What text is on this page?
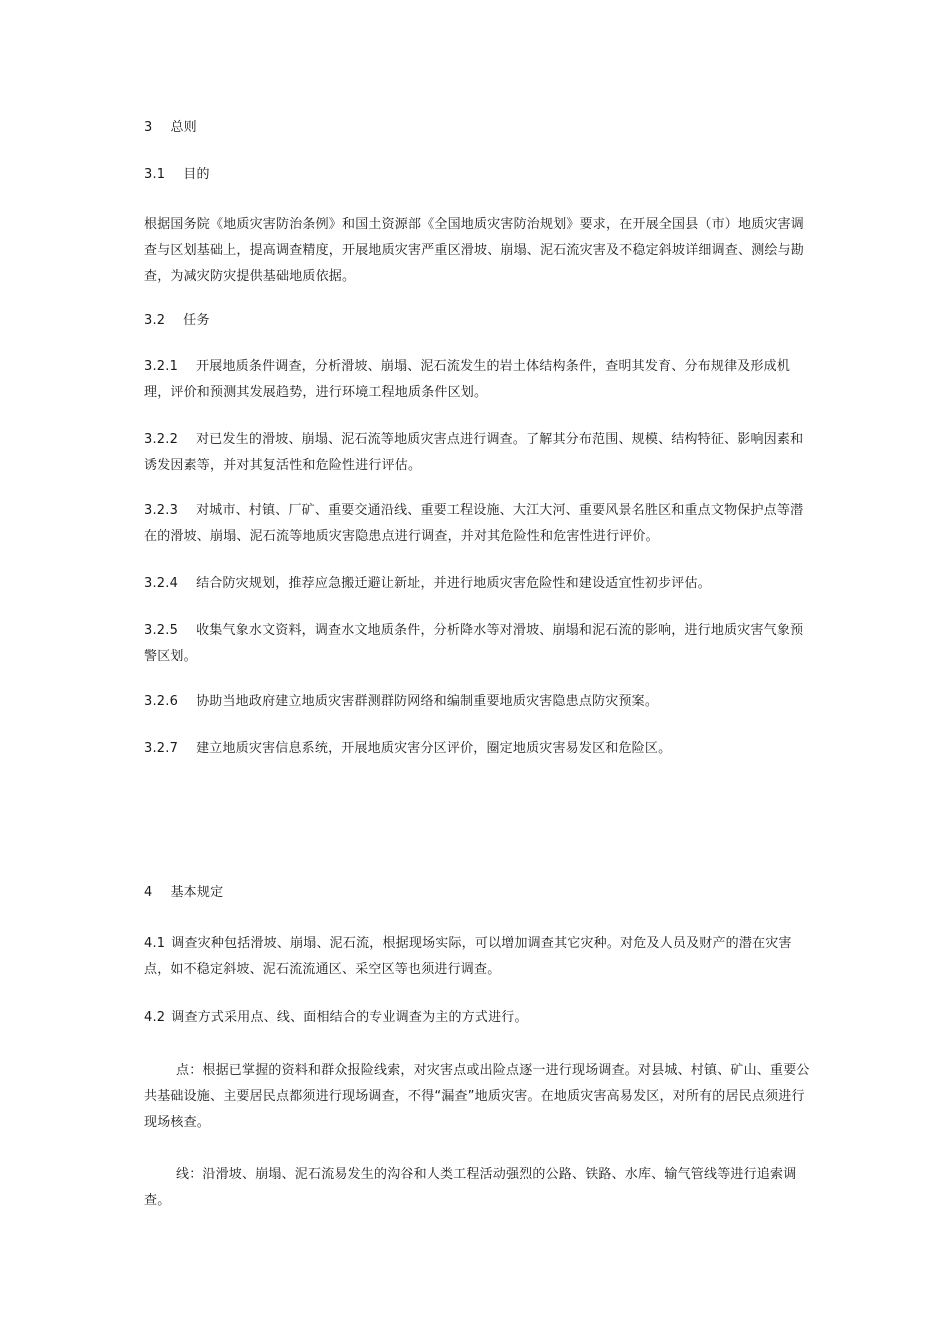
3 总则
3.1 目的
根据国务院《地质灾害防治条例》和国土资源部《全国地质灾害防治规划》要求，在开展全国县（市）地质灾害调查与区划基础上，提高调查精度，开展地质灾害严重区滑坡、崩塌、泥石流灾害及不稳定斜坡详细调查、测绘与勘查，为减灾防灾提供基础地质依据。
3.2 任务
3.2.1 开展地质条件调查，分析滑坡、崩塌、泥石流发生的岩土体结构条件，查明其发育、分布规律及形成机理，评价和预测其发展趋势，进行环境工程地质条件区划。
3.2.2 对已发生的滑坡、崩塌、泥石流等地质灾害点进行调查。了解其分布范围、规模、结构特征、影响因素和诱发因素等，并对其复活性和危险性进行评估。
3.2.3 对城市、村镇、厂矿、重要交通沿线、重要工程设施、大江大河、重要风景名胜区和重点文物保护点等潜在的滑坡、崩塌、泥石流等地质灾害隐患点进行调查，并对其危险性和危害性进行评价。
3.2.4 结合防灾规划，推荐应急搬迁避让新址，并进行地质灾害危险性和建设适宜性初步评估。
3.2.5 收集气象水文资料，调查水文地质条件，分析降水等对滑坡、崩塌和泥石流的影响，进行地质灾害气象预警区划。
3.2.6 协助当地政府建立地质灾害群测群防网络和编制重要地质灾害隐患点防灾预案。
3.2.7 建立地质灾害信息系统，开展地质灾害分区评价，圈定地质灾害易发区和危险区。
4 基本规定
4.1 调查灾种包括滑坡、崩塌、泥石流，根据现场实际，可以增加调查其它灾种。对危及人员及财产的潜在灾害点，如不稳定斜坡、泥石流流通区、采空区等也须进行调查。
4.2 调查方式采用点、线、面相结合的专业调查为主的方式进行。
点：根据已掌握的资料和群众报险线索，对灾害点或出险点逐一进行现场调查。对县城、村镇、矿山、重要公共基础设施、主要居民点都须进行现场调查，不得“漏查”地质灾害。在地质灾害高易发区，对所有的居民点须进行现场核查。
线：沿滑坡、崩塌、泥石流易发生的沟谷和人类工程活动强烈的公路、铁路、水库、输气管线等进行追索调查。
